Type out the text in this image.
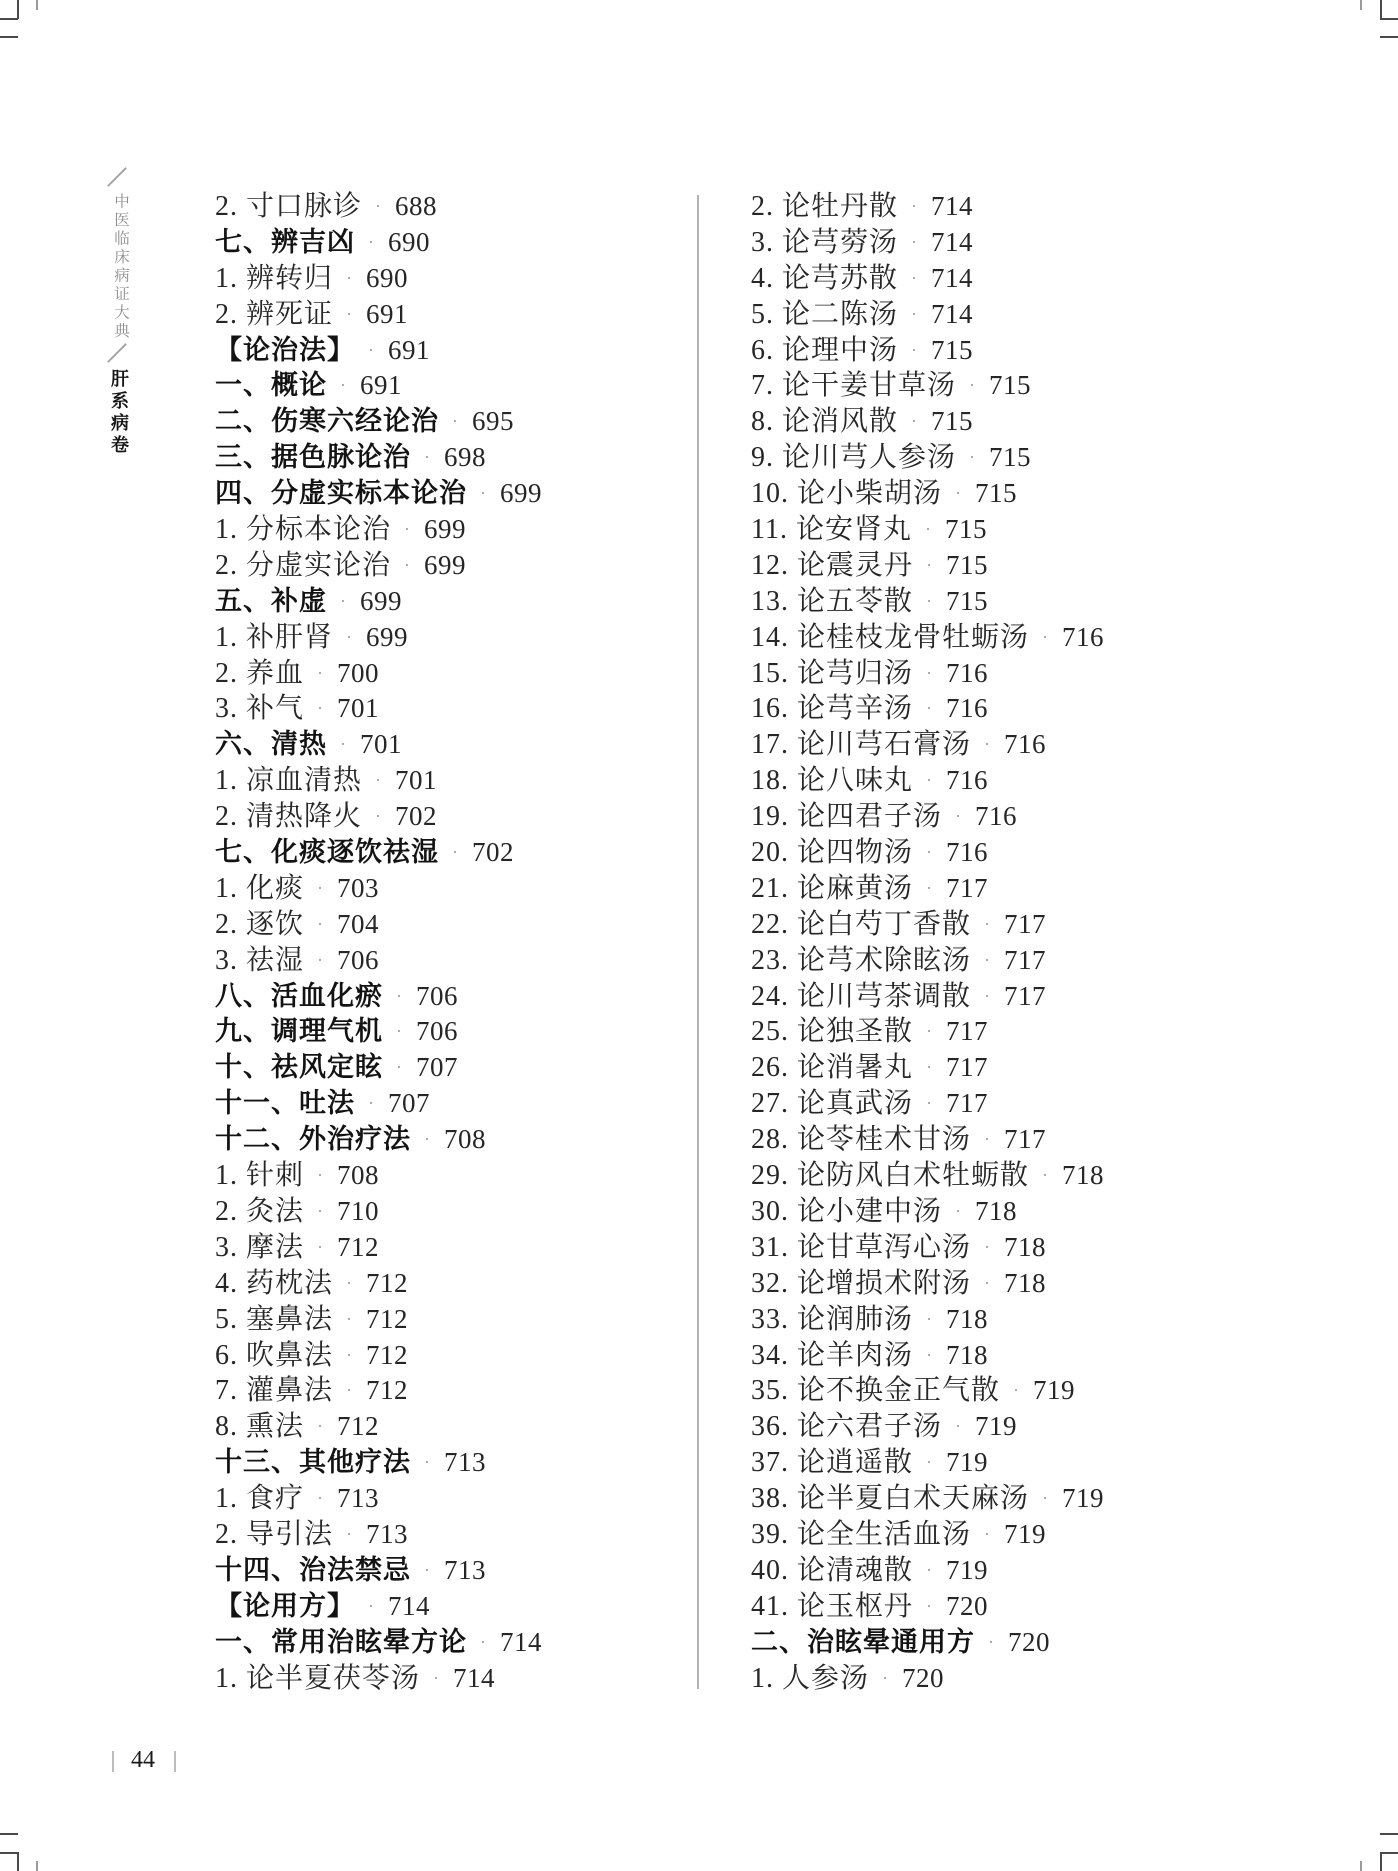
中医临床病证大典
肝系病卷
2. 寸口脉诊 · 688
七、辨吉凶 · 690
1. 辨转归 · 690
2. 辨死证 · 691
【论治法】 · 691
一、概论 · 691
二、伤寒六经论治 · 695
三、据色脉论治 · 698
四、分虚实标本论治 · 699
1. 分标本论治 · 699
2. 分虚实论治 · 699
五、补虚 · 699
1. 补肝肾 · 699
2. 养血 · 700
3. 补气 · 701
六、清热 · 701
1. 凉血清热 · 701
2. 清热降火 · 702
七、化痰逐饮祛湿 · 702
1. 化痰 · 703
2. 逐饮 · 704
3. 祛湿 · 706
八、活血化瘀 · 706
九、调理气机 · 706
十、祛风定眩 · 707
十一、吐法 · 707
十二、外治疗法 · 708
1. 针刺 · 708
2. 灸法 · 710
3. 摩法 · 712
4. 药枕法 · 712
5. 塞鼻法 · 712
6. 吹鼻法 · 712
7. 灌鼻法 · 712
8. 熏法 · 712
十三、其他疗法 · 713
1. 食疗 · 713
2. 导引法 · 713
十四、治法禁忌 · 713
【论用方】 · 714
一、常用治眩晕方论 · 714
1. 论半夏茯苓汤 · 714
2. 论牡丹散 · 714
3. 论芎䓖汤 · 714
4. 论芎苏散 · 714
5. 论二陈汤 · 714
6. 论理中汤 · 715
7. 论干姜甘草汤 · 715
8. 论消风散 · 715
9. 论川芎人参汤 · 715
10. 论小柴胡汤 · 715
11. 论安肾丸 · 715
12. 论震灵丹 · 715
13. 论五苓散 · 715
14. 论桂枝龙骨牡蛎汤 · 716
15. 论芎归汤 · 716
16. 论芎辛汤 · 716
17. 论川芎石膏汤 · 716
18. 论八味丸 · 716
19. 论四君子汤 · 716
20. 论四物汤 · 716
21. 论麻黄汤 · 717
22. 论白芍丁香散 · 717
23. 论芎术除眩汤 · 717
24. 论川芎茶调散 · 717
25. 论独圣散 · 717
26. 论消暑丸 · 717
27. 论真武汤 · 717
28. 论苓桂术甘汤 · 717
29. 论防风白术牡蛎散 · 718
30. 论小建中汤 · 718
31. 论甘草泻心汤 · 718
32. 论增损术附汤 · 718
33. 论润肺汤 · 718
34. 论羊肉汤 · 718
35. 论不换金正气散 · 719
36. 论六君子汤 · 719
37. 论逍遥散 · 719
38. 论半夏白术天麻汤 · 719
39. 论全生活血汤 · 719
40. 论清魂散 · 719
41. 论玉枢丹 · 720
二、治眩晕通用方 · 720
1. 人参汤 · 720
44
